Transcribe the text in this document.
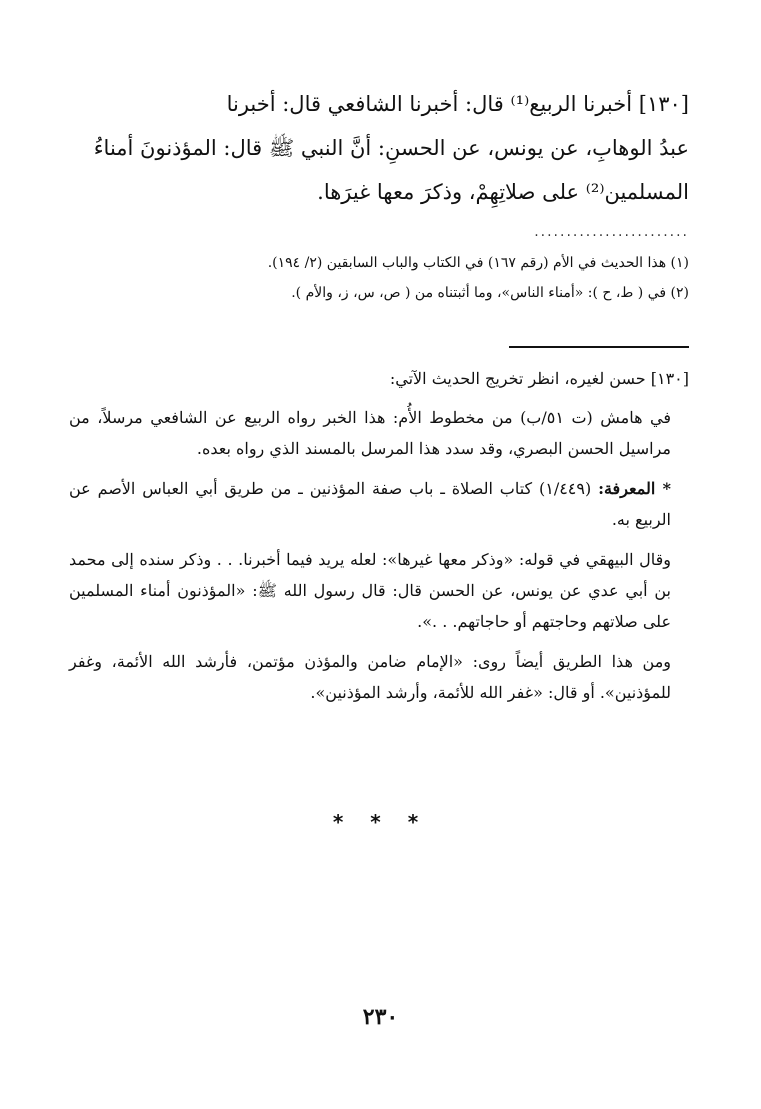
[١٣٠] أخبرنا الربيع⁽¹⁾ قال: أخبرنا الشافعي قال: أخبرنا

عبدُ الوهابِ، عن يونس، عن الحسنِ: أنَّ النبي ﷺ قال: المؤذنونَ أمناءُ

المسلمين⁽²⁾ على صلاتِهِمْ، وذكرَ معها غيرَها.

........................

(١) هذا الحديث في الأم (رقم ١٦٧) في الكتاب والباب السابقين (٢/ ١٩٤).

(٢) في ( ط، ح ): «أمناء الناس»، وما أثبتناه من ( ص، س، ز، والأم ).

[١٣٠] حسن لغيره، انظر تخريج الحديث الآتي:

في هامش (ت ٥١/ب) من مخطوط الأُم: هذا الخبر رواه الربيع عن الشافعي مرسلاً، من مراسيل الحسن البصري، وقد سدد هذا المرسل بالمسند الذي رواه بعده.

* المعرفة: (١/٤٤٩) كتاب الصلاة ـ باب صفة المؤذنين ـ من طريق أبي العباس الأصم عن الربيع به.

وقال البيهقي في قوله: «وذكر معها غيرها»: لعله يريد فيما أخبرنا. . . وذكر سنده إلى محمد بن أبي عدي عن يونس، عن الحسن قال: قال رسول الله ﷺ: «المؤذنون أمناء المسلمين على صلاتهم وحاجتهم أو حاجاتهم. . .».

ومن هذا الطريق أيضاً روى: «الإمام ضامن والمؤذن مؤتمن، فأرشد الله الأئمة، وغفر للمؤذنين». أو قال: «غفر الله للأئمة، وأرشد المؤذنين».

* * *
٢٣٠
